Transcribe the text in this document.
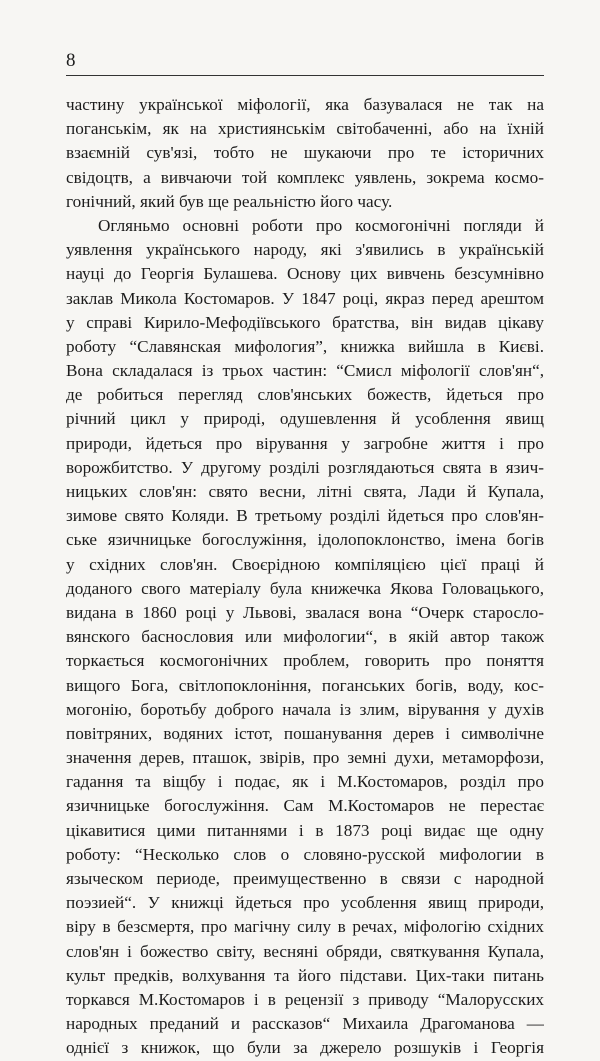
8
частину української міфології, яка базувалася не так на
поганськім, як на християнськім світобаченні, або на їхній
взаємній сув'язі, тобто не шукаючи про те історичних
свідоцтв, а вивчаючи той комплекс уявлень, зокрема космо-
гонічний, який був ще реальністю його часу.
Огляньмо основні роботи про космогонічні погляди й
уявлення українського народу, які з'явились в українській
науці до Георгія Булашева. Основу цих вивчень безсумнівно
заклав Микола Костомаров. У 1847 році, якраз перед арештом
у справі Кирило-Мефодіївського братства, він видав цікаву
роботу “Славянская мифология”, книжка вийшла в Києві.
Вона складалася із трьох частин: “Смисл міфології слов'ян“,
де робиться перегляд слов'янських божеств, йдеться про
річний цикл у природі, одушевлення й усоблення явищ
природи, йдеться про вірування у загробне життя і про
ворожбитство. У другому розділі розглядаються свята в язич-
ницьких слов'ян: свято весни, літні свята, Лади й Купала,
зимове свято Коляди. В третьому розділі йдеться про слов'ян-
ське язичницьке богослужіння, ідолопоклонство, імена богів
у східних слов'ян. Своєрідною компіляцією цієї праці й
доданого свого матеріалу була книжечка Якова Головацького,
видана в 1860 році у Львові, звалася вона “Очерк старосло-
вянского баснословия или мифологии“, в якій автор також
торкається космогонічних проблем, говорить про поняття
вищого Бога, світлопоклоніння, поганських богів, воду, кос-
могонію, боротьбу доброго начала із злим, вірування у духів
повітряних, водяних істот, пошанування дерев і символічне
значення дерев, пташок, звірів, про земні духи, метаморфози,
гадання та віщбу і подає, як і М.Костомаров, розділ про
язичницьке богослужіння. Сам М.Костомаров не перестає
цікавитися цими питаннями і в 1873 році видає ще одну
роботу: “Несколько слов о словяно-русской мифологии в
языческом периоде, преимущественно в связи с народной
поэзией“. У книжці йдеться про усоблення явищ природи,
віру в безсмертя, про магічну силу в речах, міфологію східних
слов'ян і божество світу, весняні обряди, святкування Купала,
культ предків, волхування та його підстави. Цих-таки питань
торкався М.Костомаров і в рецензії з приводу “Малорусских
народных преданий и рассказов“ Михаила Драгоманова —
однієї з книжок, що були за джерело розшуків і Георгія
